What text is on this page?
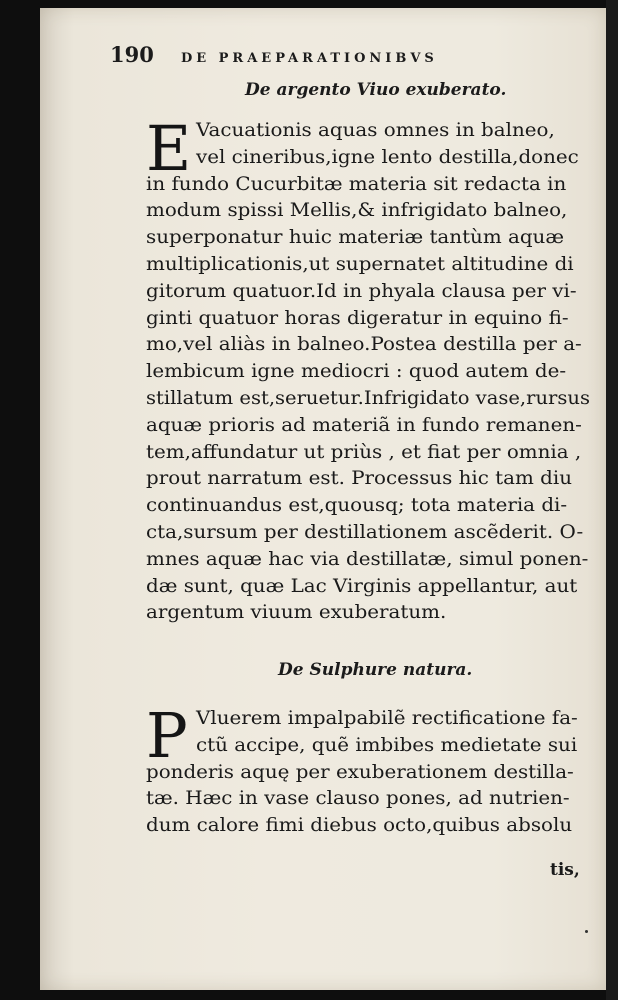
190 DE PRAEPARATIONIBVS
De argento Viuo exuberato.
E Vacuationis aquas omnes in balneo,
vel cineribus,igne lento destilla,donec
in fundo Cucurbitæ materia sit redacta in
modum spissi Mellis,& infrigidato balneo,
superponatur huic materiæ tantùm aquæ
multiplicationis,ut supernatet altitudine di
gitorum quatuor.Id in phyala clausa per vi-
ginti quatuor horas digeratur in equino fi-
mo,vel aliàs in balneo.Postea destilla per a-
lembicum igne mediocri : quod autem de-
stillatum est,seruetur.Infrigidato vase,rursus
aquæ prioris ad materiã in fundo remanen-
tem,affundatur ut priùs , et fiat per omnia ,
prout narratum est. Processus hic tam diu
continuandus est,quousq; tota materia di-
cta,sursum per destillationem ascẽderit. O-
mnes aquæ hac via destillatæ, simul ponen-
dæ sunt, quæ Lac Virginis appellantur, aut
argentum viuum exuberatum.
De Sulphure natura.
P Vluerem impalpabilẽ rectificatione fa-
ctũ accipe, quẽ imbibes medietate sui
ponderis aquę per exuberationem destilla-
tæ. Hæc in vase clauso pones, ad nutrien-
dum calore fimi diebus octo,quibus absolu
tis,
